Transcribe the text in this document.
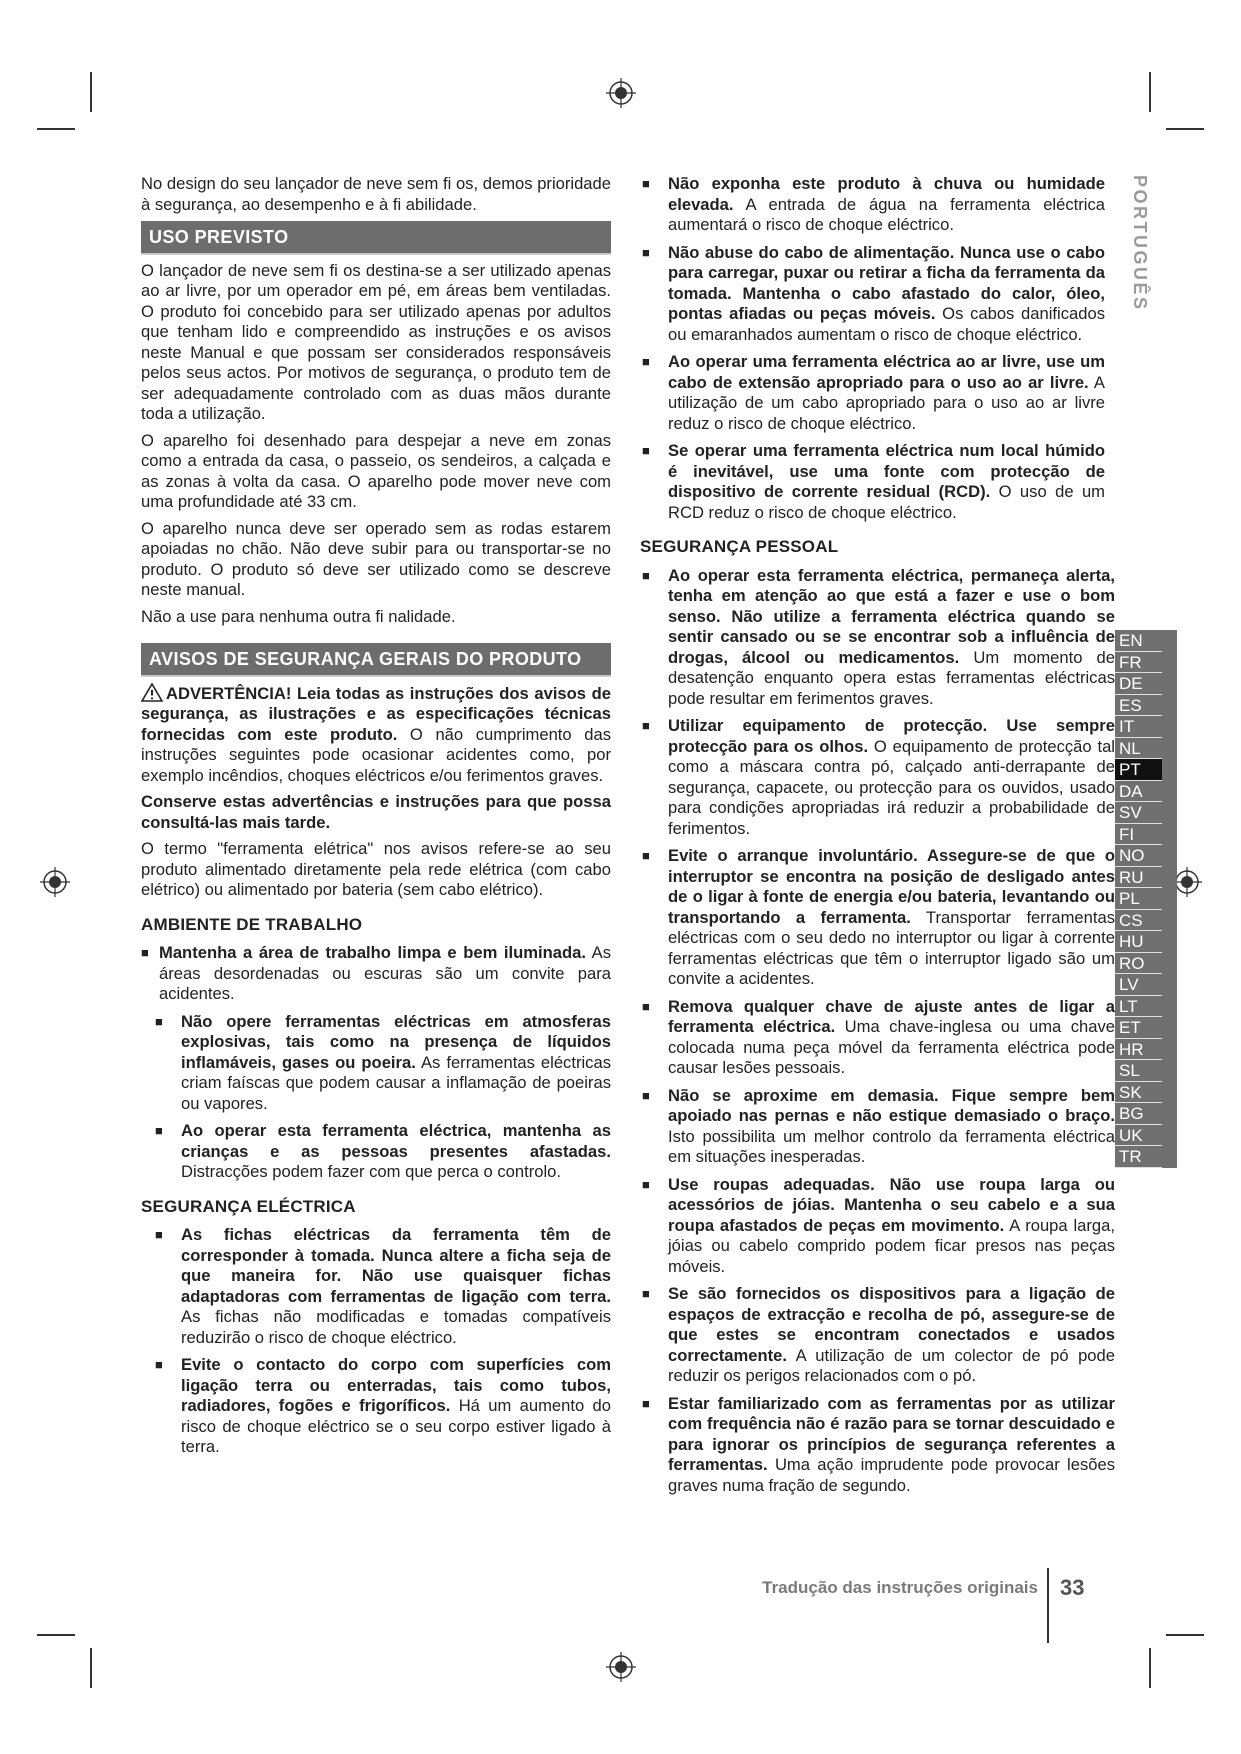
No design do seu lançador de neve sem fi os, demos prioridade à segurança, ao desempenho e à fi abilidade.

USO PREVISTO

O lançador de neve sem fi os destina-se a ser utilizado apenas ao ar livre, por um operador em pé, em áreas bem ventiladas. O produto foi concebido para ser utilizado apenas por adultos que tenham lido e compreendido as instruções e os avisos neste Manual e que possam ser considerados responsáveis pelos seus actos. Por motivos de segurança, o produto tem de ser adequadamente controlado com as duas mãos durante toda a utilização.

O aparelho foi desenhado para despejar a neve em zonas como a entrada da casa, o passeio, os sendeiros, a calçada e as zonas à volta da casa. O aparelho pode mover neve com uma profundidade até 33 cm.

O aparelho nunca deve ser operado sem as rodas estarem apoiadas no chão. Não deve subir para ou transportar-se no produto. O produto só deve ser utilizado como se descreve neste manual.

Não a use para nenhuma outra fi nalidade.

AVISOS DE SEGURANÇA GERAIS DO PRODUTO

ADVERTÊNCIA! Leia todas as instruções dos avisos de segurança, as ilustrações e as especificações técnicas fornecidas com este produto. O não cumprimento das instruções seguintes pode ocasionar acidentes como, por exemplo incêndios, choques eléctricos e/ou ferimentos graves.

Conserve estas advertências e instruções para que possa consultá-las mais tarde.

O termo "ferramenta elétrica" nos avisos refere-se ao seu produto alimentado diretamente pela rede elétrica (com cabo elétrico) ou alimentado por bateria (sem cabo elétrico).

AMBIENTE DE TRABALHO
■ Mantenha a área de trabalho limpa e bem iluminada. As áreas desordenadas ou escuras são um convite para acidentes.
■ Não opere ferramentas eléctricas em atmosferas explosivas, tais como na presença de líquidos inflamáveis, gases ou poeira. As ferramentas eléctricas criam faíscas que podem causar a inflamação de poeiras ou vapores.
■ Ao operar esta ferramenta eléctrica, mantenha as crianças e as pessoas presentes afastadas. Distracções podem fazer com que perca o controlo.
SEGURANÇA ELÉCTRICA
■ As fichas eléctricas da ferramenta têm de corresponder à tomada. Nunca altere a ficha seja de que maneira for. Não use quaisquer fichas adaptadoras com ferramentas de ligação com terra. As fichas não modificadas e tomadas compatíveis reduzirão o risco de choque eléctrico.
■ Evite o contacto do corpo com superfícies com ligação terra ou enterradas, tais como tubos, radiadores, fogões e frigoríficos. Há um aumento do risco de choque eléctrico se o seu corpo estiver ligado à terra.
■ Não exponha este produto à chuva ou humidade elevada. A entrada de água na ferramenta eléctrica aumentará o risco de choque eléctrico.
■ Não abuse do cabo de alimentação. Nunca use o cabo para carregar, puxar ou retirar a ficha da ferramenta da tomada. Mantenha o cabo afastado do calor, óleo, pontas afiadas ou peças móveis. Os cabos danificados ou emaranhados aumentam o risco de choque eléctrico.
■ Ao operar uma ferramenta eléctrica ao ar livre, use um cabo de extensão apropriado para o uso ao ar livre. A utilização de um cabo apropriado para o uso ao ar livre reduz o risco de choque eléctrico.
■ Se operar uma ferramenta eléctrica num local húmido é inevitável, use uma fonte com protecção de dispositivo de corrente residual (RCD). O uso de um RCD reduz o risco de choque eléctrico.
SEGURANÇA PESSOAL
■ Ao operar esta ferramenta eléctrica, permaneça alerta, tenha em atenção ao que está a fazer e use o bom senso. Não utilize a ferramenta eléctrica quando se sentir cansado ou se se encontrar sob a influência de drogas, álcool ou medicamentos. Um momento de desatenção enquanto opera estas ferramentas eléctricas pode resultar em ferimentos graves.
■ Utilizar equipamento de protecção. Use sempre protecção para os olhos. O equipamento de protecção tal como a máscara contra pó, calçado anti-derrapante de segurança, capacete, ou protecção para os ouvidos, usado para condições apropriadas irá reduzir a probabilidade de ferimentos.
■ Evite o arranque involuntário. Assegure-se de que o interruptor se encontra na posição de desligado antes de o ligar à fonte de energia e/ou bateria, levantando ou transportando a ferramenta. Transportar ferramentas eléctricas com o seu dedo no interruptor ou ligar à corrente ferramentas eléctricas que têm o interruptor ligado são um convite a acidentes.
■ Remova qualquer chave de ajuste antes de ligar a ferramenta eléctrica. Uma chave-inglesa ou uma chave colocada numa peça móvel da ferramenta eléctrica pode causar lesões pessoais.
■ Não se aproxime em demasia. Fique sempre bem apoiado nas pernas e não estique demasiado o braço. Isto possibilita um melhor controlo da ferramenta eléctrica em situações inesperadas.
■ Use roupas adequadas. Não use roupa larga ou acessórios de jóias. Mantenha o seu cabelo e a sua roupa afastados de peças em movimento. A roupa larga, jóias ou cabelo comprido podem ficar presos nas peças móveis.
■ Se são fornecidos os dispositivos para a ligação de espaços de extracção e recolha de pó, assegure-se de que estes se encontram conectados e usados correctamente. A utilização de um colector de pó pode reduzir os perigos relacionados com o pó.
■ Estar familiarizado com as ferramentas por as utilizar com frequência não é razão para se tornar descuidado e para ignorar os princípios de segurança referentes a ferramentas. Uma ação imprudente pode provocar lesões graves numa fração de segundo.
PORTUGUÊS
EN
FR
DE
ES
IT
NL
PT
DA
SV
FI
NO
RU
PL
CS
HU
RO
LV
LT
ET
HR
SL
SK
BG
UK
TR
Tradução das instruções originais 33
